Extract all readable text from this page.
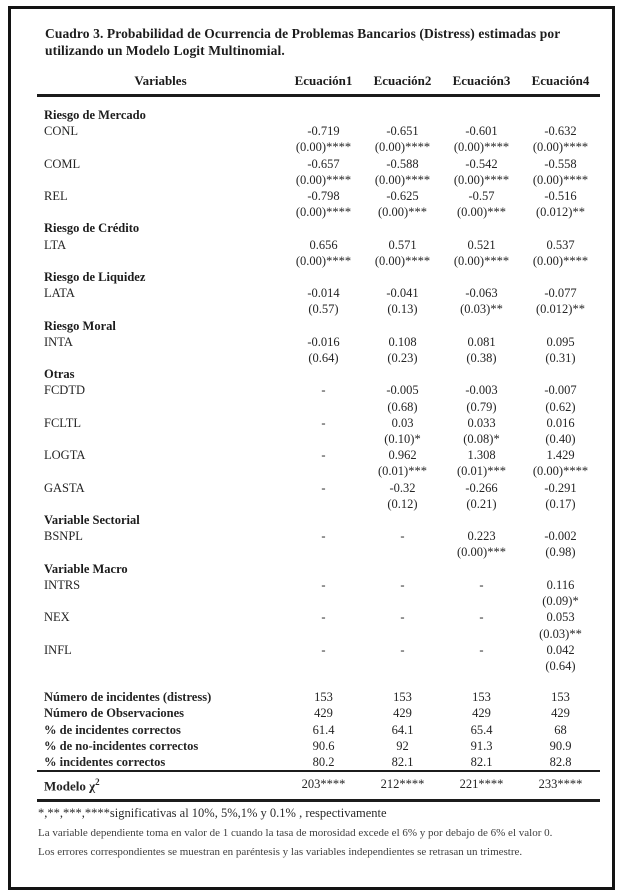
Cuadro 3. Probabilidad de Ocurrencia de Problemas Bancarios (Distress) estimadas por utilizando un Modelo Logit Multinomial.
Variables	Ecuación1	Ecuación2	Ecuación3	Ecuación4
Riesgo de Mercado				
CONL	-0.719	-0.651	-0.601	-0.632
	(0.00)****	(0.00)****	(0.00)****	(0.00)****
COML	-0.657	-0.588	-0.542	-0.558
	(0.00)****	(0.00)****	(0.00)****	(0.00)****
REL	-0.798	-0.625	-0.57	-0.516
	(0.00)****	(0.00)***	(0.00)***	(0.012)**
Riesgo de Crédito				
LTA	0.656	0.571	0.521	0.537
	(0.00)****	(0.00)****	(0.00)****	(0.00)****
Riesgo de Liquidez				
LATA	-0.014	-0.041	-0.063	-0.077
	(0.57)	(0.13)	(0.03)**	(0.012)**
Riesgo Moral				
INTA	-0.016	0.108	0.081	0.095
	(0.64)	(0.23)	(0.38)	(0.31)
Otras				
FCDTD	-	-0.005	-0.003	-0.007
		(0.68)	(0.79)	(0.62)
FCLTL	-	0.03	0.033	0.016
		(0.10)*	(0.08)*	(0.40)
LOGTA	-	0.962	1.308	1.429
		(0.01)***	(0.01)***	(0.00)****
GASTA	-	-0.32	-0.266	-0.291
		(0.12)	(0.21)	(0.17)
Variable Sectorial				
BSNPL	-	-	0.223	-0.002
			(0.00)***	(0.98)
Variable Macro				
INTRS	-	-	-	0.116
				(0.09)*
NEX	-	-	-	0.053
				(0.03)**
INFL	-	-	-	0.042
				(0.64)

Número de incidentes (distress)	153	153	153	153
Número de Observaciones	429	429	429	429
% de incidentes correctos	61.4	64.1	65.4	68
% de no-incidentes correctos	90.6	92	91.3	90.9
% incidentes correctos	80.2	82.1	82.1	82.8
Modelo $\chi^2$	203****	212****	221****	233****
*,**,***,****significativas al 10%, 5%,1% y 0.1% , respectivamente
La variable dependiente toma en valor de 1 cuando la tasa de morosidad excede el 6% y por debajo de 6% el valor 0.
Los errores correspondientes se muestran en paréntesis y las variables independientes se retrasan un trimestre.
